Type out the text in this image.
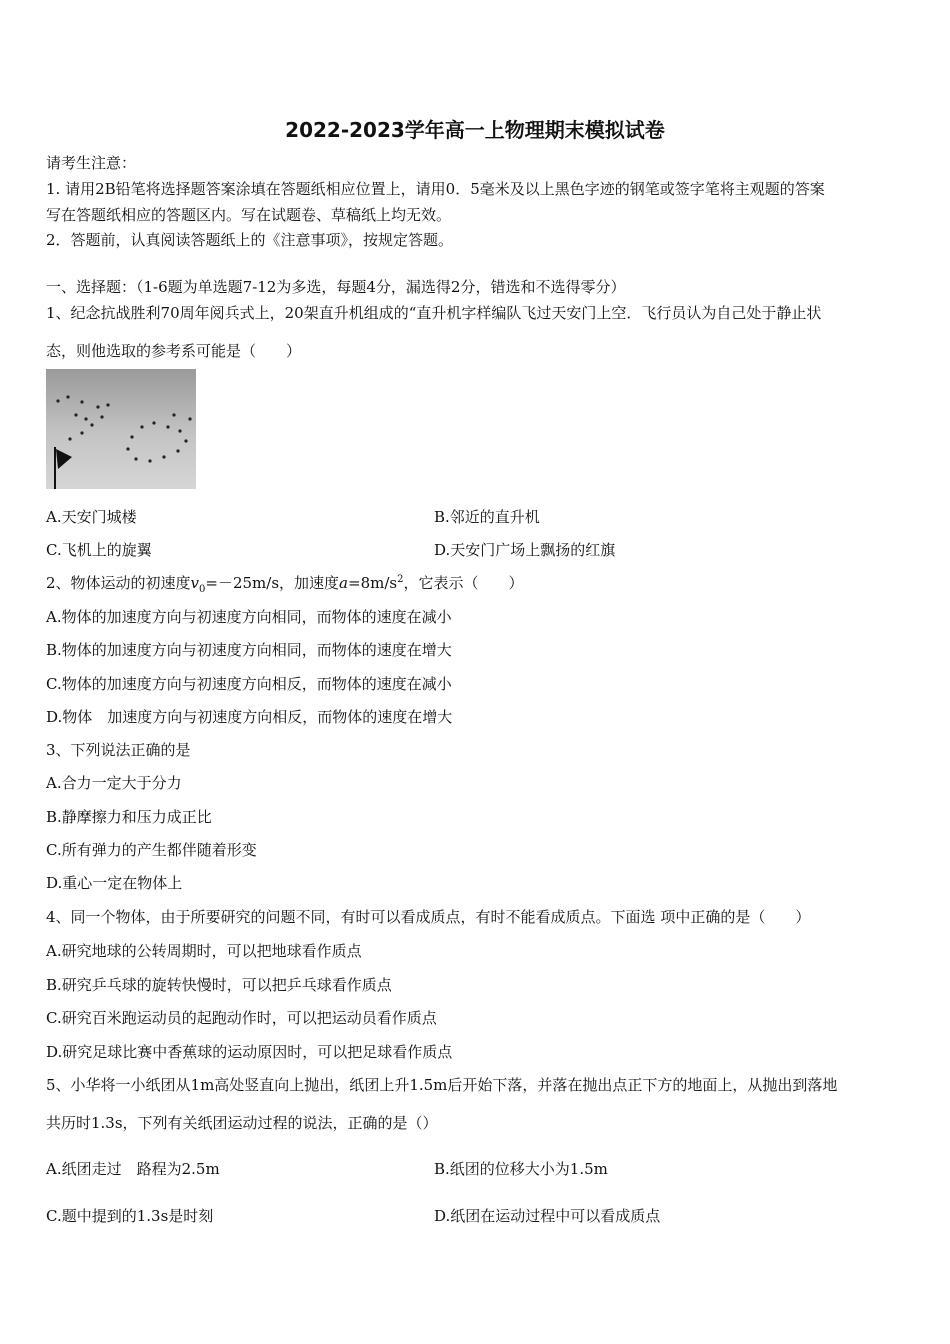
2022-2023学年高一上物理期末模拟试卷
请考生注意：
1. 请用2B铅笔将选择题答案涂填在答题纸相应位置上，请用0．5毫米及以上黑色字迹的钢笔或签字笔将主观题的答案
写在答题纸相应的答题区内。写在试题卷、草稿纸上均无效。
2．答题前，认真阅读答题纸上的《注意事项》，按规定答题。
一、选择题：（1-6题为单选题7-12为多选，每题4分，漏选得2分，错选和不选得零分）
1、纪念抗战胜利70周年阅兵式上，20架直升机组成的“直升机字样编队飞过天安门上空．飞行员认为自己处于静止状
态，则他选取的参考系可能是（　　）
A.天安门城楼	B.邻近的直升机
C.飞机上的旋翼	D.天安门广场上飘扬的红旗
2、物体运动的初速度$v_0=-25m/s$，加速度$a=8m/s^2$，它表示（　　）
A.物体的加速度方向与初速度方向相同，而物体的速度在减小
B.物体的加速度方向与初速度方向相同，而物体的速度在增大
C.物体的加速度方向与初速度方向相反，而物体的速度在减小
D.物体　加速度方向与初速度方向相反，而物体的速度在增大
3、下列说法正确的是
A.合力一定大于分力
B.静摩擦力和压力成正比
C.所有弹力的产生都伴随着形变
D.重心一定在物体上
4、同一个物体，由于所要研究的问题不同，有时可以看成质点，有时不能看成质点。下面选 项中正确的是（　　）
A.研究地球的公转周期时，可以把地球看作质点
B.研究乒乓球的旋转快慢时，可以把乒乓球看作质点
C.研究百米跑运动员的起跑动作时，可以把运动员看作质点
D.研究足球比赛中香蕉球的运动原因时，可以把足球看作质点
5、小华将一小纸团从1m高处竖直向上抛出，纸团上升1.5m后开始下落，并落在抛出点正下方的地面上，从抛出到落地
共历时1.3s，下列有关纸团运动过程的说法，正确的是（）
A.纸团走过　路程为2.5m	B.纸团的位移大小为1.5m
C.题中提到的1.3s是时刻	D.纸团在运动过程中可以看成质点
